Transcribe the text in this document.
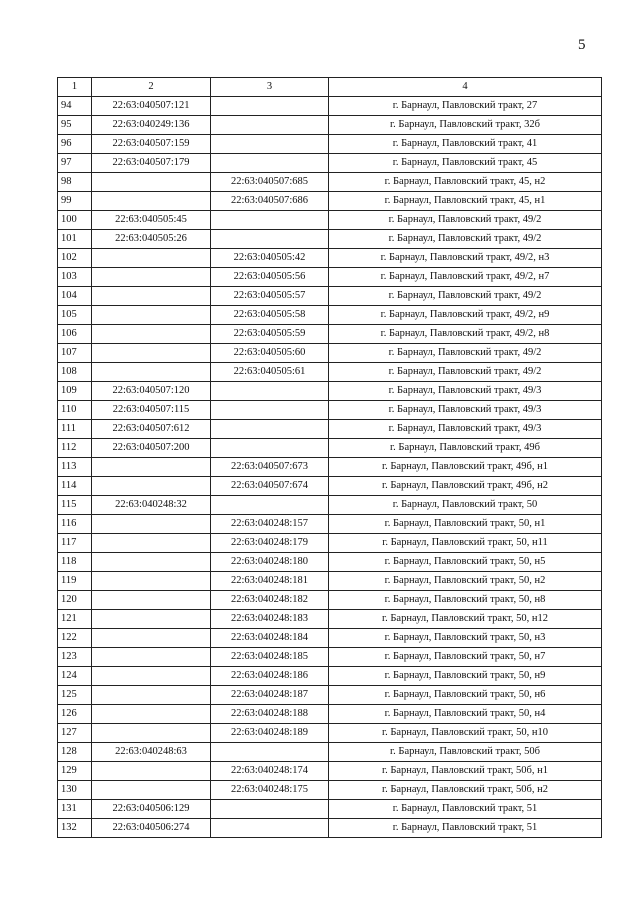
5
1	2	3	4
94	22:63:040507:121		г. Барнаул, Павловский тракт, 27
95	22:63:040249:136		г. Барнаул, Павловский тракт, 32б
96	22:63:040507:159		г. Барнаул, Павловский тракт, 41
97	22:63:040507:179		г. Барнаул, Павловский тракт, 45
98		22:63:040507:685	г. Барнаул, Павловский тракт, 45, н2
99		22:63:040507:686	г. Барнаул, Павловский тракт, 45, н1
100	22:63:040505:45		г. Барнаул, Павловский тракт, 49/2
101	22:63:040505:26		г. Барнаул, Павловский тракт, 49/2
102		22:63:040505:42	г. Барнаул, Павловский тракт, 49/2, н3
103		22:63:040505:56	г. Барнаул, Павловский тракт, 49/2, н7
104		22:63:040505:57	г. Барнаул, Павловский тракт, 49/2
105		22:63:040505:58	г. Барнаул, Павловский тракт, 49/2, н9
106		22:63:040505:59	г. Барнаул, Павловский тракт, 49/2, н8
107		22:63:040505:60	г. Барнаул, Павловский тракт, 49/2
108		22:63:040505:61	г. Барнаул, Павловский тракт, 49/2
109	22:63:040507:120		г. Барнаул, Павловский тракт, 49/3
110	22:63:040507:115		г. Барнаул, Павловский тракт, 49/3
111	22:63:040507:612		г. Барнаул, Павловский тракт, 49/3
112	22:63:040507:200		г. Барнаул, Павловский тракт, 49б
113		22:63:040507:673	г. Барнаул, Павловский тракт, 49б, н1
114		22:63:040507:674	г. Барнаул, Павловский тракт, 49б, н2
115	22:63:040248:32		г. Барнаул, Павловский тракт, 50
116		22:63:040248:157	г. Барнаул, Павловский тракт, 50, н1
117		22:63:040248:179	г. Барнаул, Павловский тракт, 50, н11
118		22:63:040248:180	г. Барнаул, Павловский тракт, 50, н5
119		22:63:040248:181	г. Барнаул, Павловский тракт, 50, н2
120		22:63:040248:182	г. Барнаул, Павловский тракт, 50, н8
121		22:63:040248:183	г. Барнаул, Павловский тракт, 50, н12
122		22:63:040248:184	г. Барнаул, Павловский тракт, 50, н3
123		22:63:040248:185	г. Барнаул, Павловский тракт, 50, н7
124		22:63:040248:186	г. Барнаул, Павловский тракт, 50, н9
125		22:63:040248:187	г. Барнаул, Павловский тракт, 50, н6
126		22:63:040248:188	г. Барнаул, Павловский тракт, 50, н4
127		22:63:040248:189	г. Барнаул, Павловский тракт, 50, н10
128	22:63:040248:63		г. Барнаул, Павловский тракт, 50б
129		22:63:040248:174	г. Барнаул, Павловский тракт, 50б, н1
130		22:63:040248:175	г. Барнаул, Павловский тракт, 50б, н2
131	22:63:040506:129		г. Барнаул, Павловский тракт, 51
132	22:63:040506:274		г. Барнаул, Павловский тракт, 51
